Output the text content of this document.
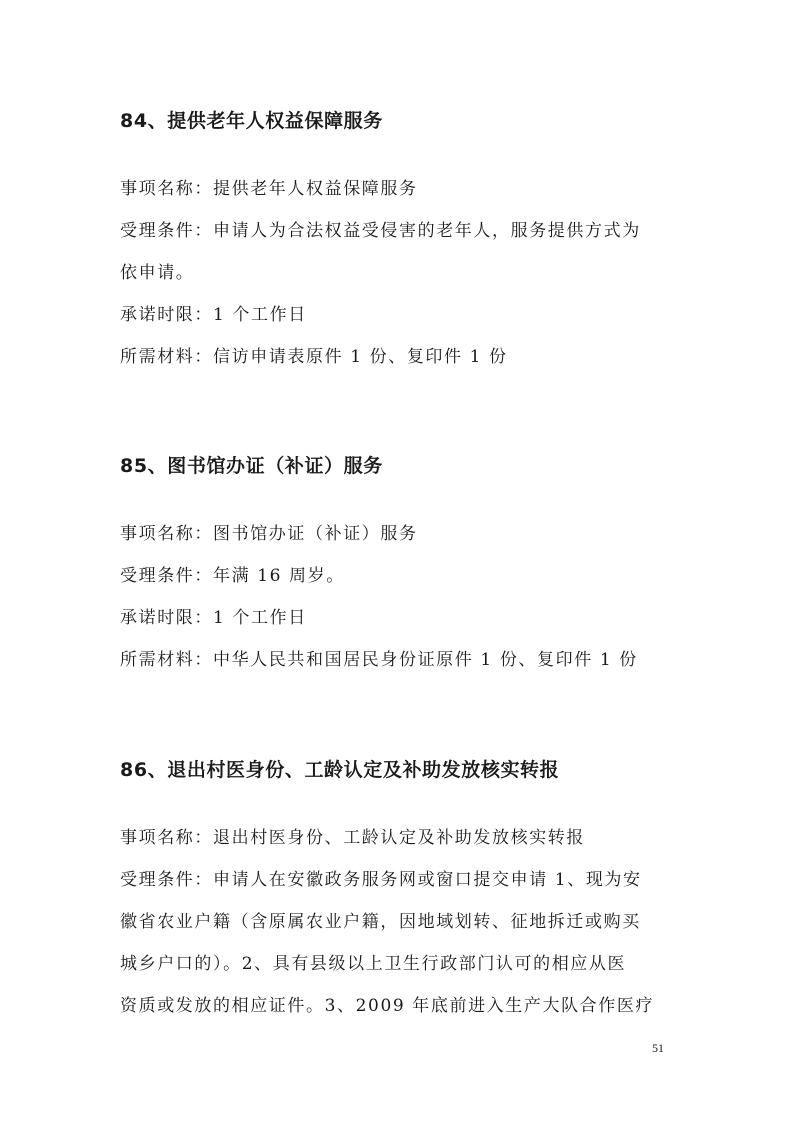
84、提供老年人权益保障服务

事项名称：提供老年人权益保障服务

受理条件：申请人为合法权益受侵害的老年人，服务提供方式为

依申请。

承诺时限：1 个工作日

所需材料：信访申请表原件 1 份、复印件 1 份

85、图书馆办证（补证）服务

事项名称：图书馆办证（补证）服务

受理条件：年满 16 周岁。

承诺时限：1 个工作日

所需材料：中华人民共和国居民身份证原件 1 份、复印件 1 份

86、退出村医身份、工龄认定及补助发放核实转报

事项名称：退出村医身份、工龄认定及补助发放核实转报

受理条件：申请人在安徽政务服务网或窗口提交申请 1、现为安

徽省农业户籍（含原属农业户籍，因地域划转、征地拆迁或购买

城乡户口的）。2、具有县级以上卫生行政部门认可的相应从医

资质或发放的相应证件。3、2009 年底前进入生产大队合作医疗

51
